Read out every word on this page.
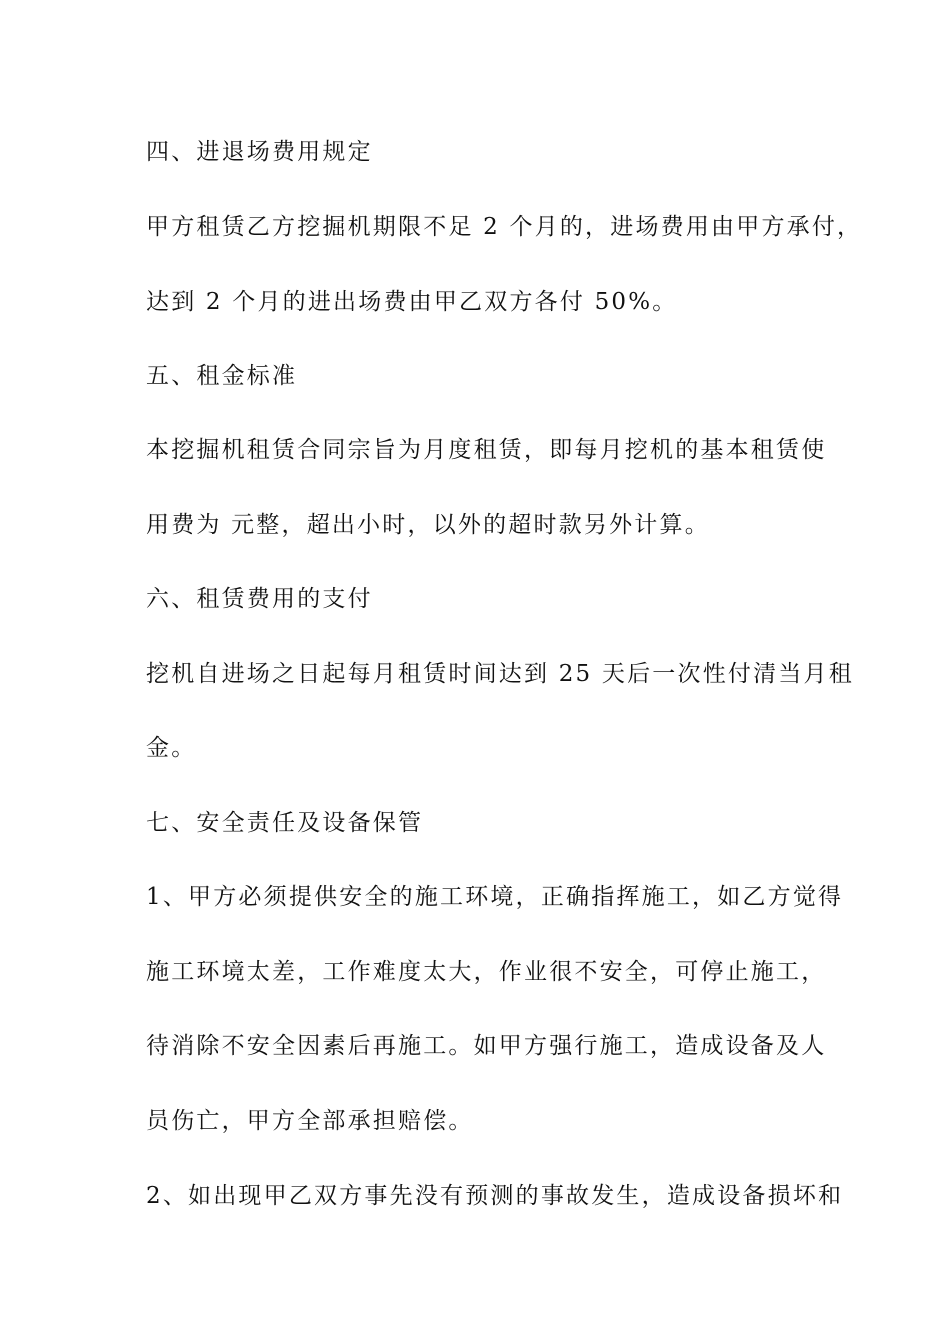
四、进退场费用规定
甲方租赁乙方挖掘机期限不足 2 个月的，进场费用由甲方承付，
达到 2 个月的进出场费由甲乙双方各付 50%。
五、租金标准
本挖掘机租赁合同宗旨为月度租赁，即每月挖机的基本租赁使
用费为 元整，超出小时，以外的超时款另外计算。
六、租赁费用的支付
挖机自进场之日起每月租赁时间达到 25 天后一次性付清当月租
金。
七、安全责任及设备保管
1、甲方必须提供安全的施工环境，正确指挥施工，如乙方觉得
施工环境太差，工作难度太大，作业很不安全，可停止施工，
待消除不安全因素后再施工。如甲方强行施工，造成设备及人
员伤亡，甲方全部承担赔偿。
2、如出现甲乙双方事先没有预测的事故发生，造成设备损坏和
